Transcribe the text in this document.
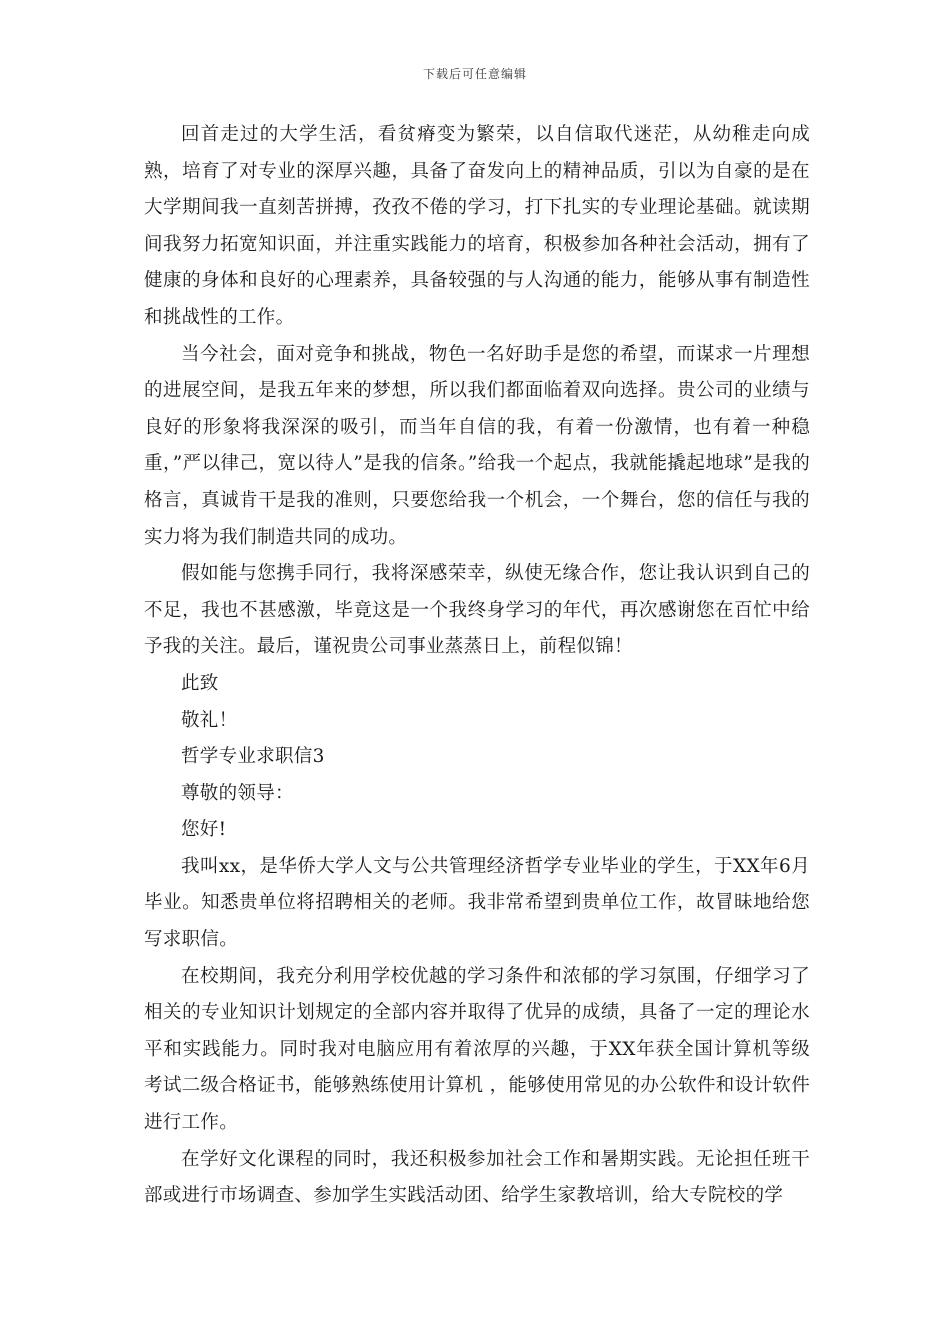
下载后可任意编辑

回首走过的大学生活，看贫瘠变为繁荣，以自信取代迷茫，从幼稚走向成熟，培育了对专业的深厚兴趣，具备了奋发向上的精神品质，引以为自豪的是在大学期间我一直刻苦拼搏，孜孜不倦的学习，打下扎实的专业理论基础。就读期间我努力拓宽知识面，并注重实践能力的培育，积极参加各种社会活动，拥有了健康的身体和良好的心理素养，具备较强的与人沟通的能力，能够从事有制造性和挑战性的工作。

当今社会，面对竞争和挑战，物色一名好助手是您的希望，而谋求一片理想的进展空间，是我五年来的梦想，所以我们都面临着双向选择。贵公司的业绩与良好的形象将我深深的吸引，而当年自信的我，有着一份激情，也有着一种稳重，”严以律己，宽以待人”是我的信条。”给我一个起点，我就能撬起地球”是我的格言，真诚肯干是我的准则，只要您给我一个机会，一个舞台，您的信任与我的实力将为我们制造共同的成功。

假如能与您携手同行，我将深感荣幸，纵使无缘合作，您让我认识到自己的不足，我也不甚感激，毕竟这是一个我终身学习的年代，再次感谢您在百忙中给予我的关注。最后，谨祝贵公司事业蒸蒸日上，前程似锦！

此致

敬礼！

哲学专业求职信3

尊敬的领导：

您好!

我叫xx，是华侨大学人文与公共管理经济哲学专业毕业的学生，于XX年6月毕业。知悉贵单位将招聘相关的老师。我非常希望到贵单位工作，故冒昧地给您写求职信。

在校期间，我充分利用学校优越的学习条件和浓郁的学习氛围，仔细学习了相关的专业知识计划规定的全部内容并取得了优异的成绩，具备了一定的理论水平和实践能力。同时我对电脑应用有着浓厚的兴趣，于XX年获全国计算机等级考试二级合格证书，能够熟练使用计算机 ，能够使用常见的办公软件和设计软件进行工作。

在学好文化课程的同时，我还积极参加社会工作和暑期实践。无论担任班干部或进行市场调查、参加学生实践活动团、给学生家教培训，给大专院校的学
